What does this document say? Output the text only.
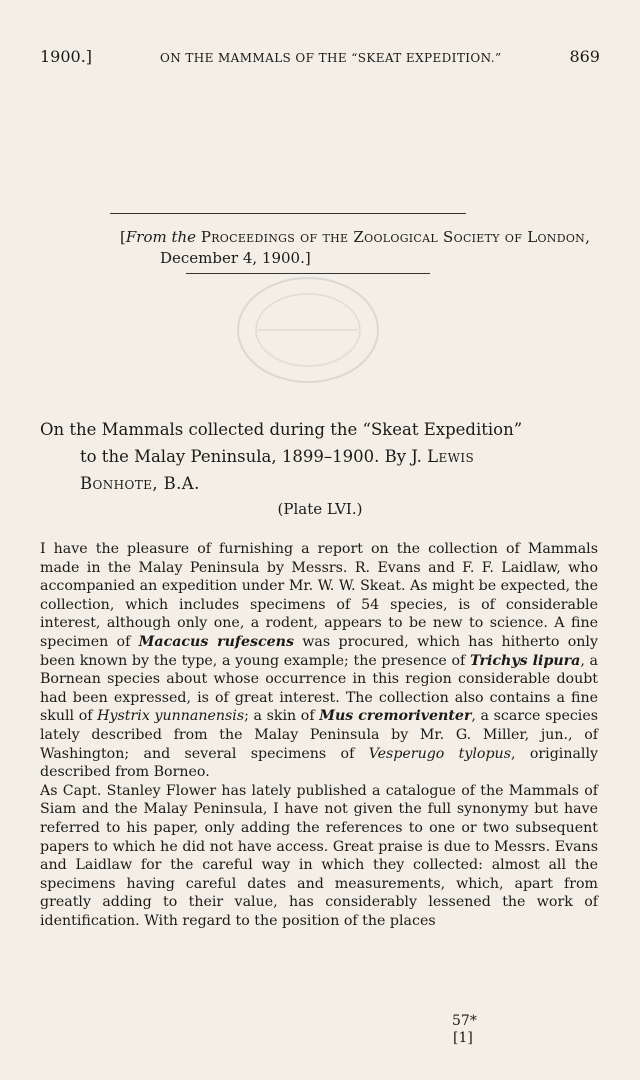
1900.]	ON THE MAMMALS OF THE “SKEAT EXPEDITION.”	869
[From the Proceedings of the Zoological Society of London,
December 4, 1900.]
On the Mammals collected during the “Skeat Expedition”
to the Malay Peninsula, 1899–1900. By J. Lewis
Bonhote, B.A.
(Plate LVI.)

I have the pleasure of furnishing a report on the collection of Mammals made in the Malay Peninsula by Messrs. R. Evans and F. F. Laidlaw, who accompanied an expedition under Mr. W. W. Skeat. As might be expected, the collection, which includes specimens of 54 species, is of considerable interest, although only one, a rodent, appears to be new to science. A fine specimen of Macacus rufescens was procured, which has hitherto only been known by the type, a young example; the presence of Trichys lipura, a Bornean species about whose occurrence in this region considerable doubt had been expressed, is of great interest. The collection also contains a fine skull of Hystrix yunnanensis; a skin of Mus cremoriventer, a scarce species lately described from the Malay Peninsula by Mr. G. Miller, jun., of Washington; and several specimens of Vesperugo tylopus, originally described from Borneo.

As Capt. Stanley Flower has lately published a catalogue of the Mammals of Siam and the Malay Peninsula, I have not given the full synonymy but have referred to his paper, only adding the references to one or two subsequent papers to which he did not have access. Great praise is due to Messrs. Evans and Laidlaw for the careful way in which they collected: almost all the specimens having careful dates and measurements, which, apart from greatly adding to their value, has considerably lessened the work of identification. With regard to the position of the places

57*
[1]
